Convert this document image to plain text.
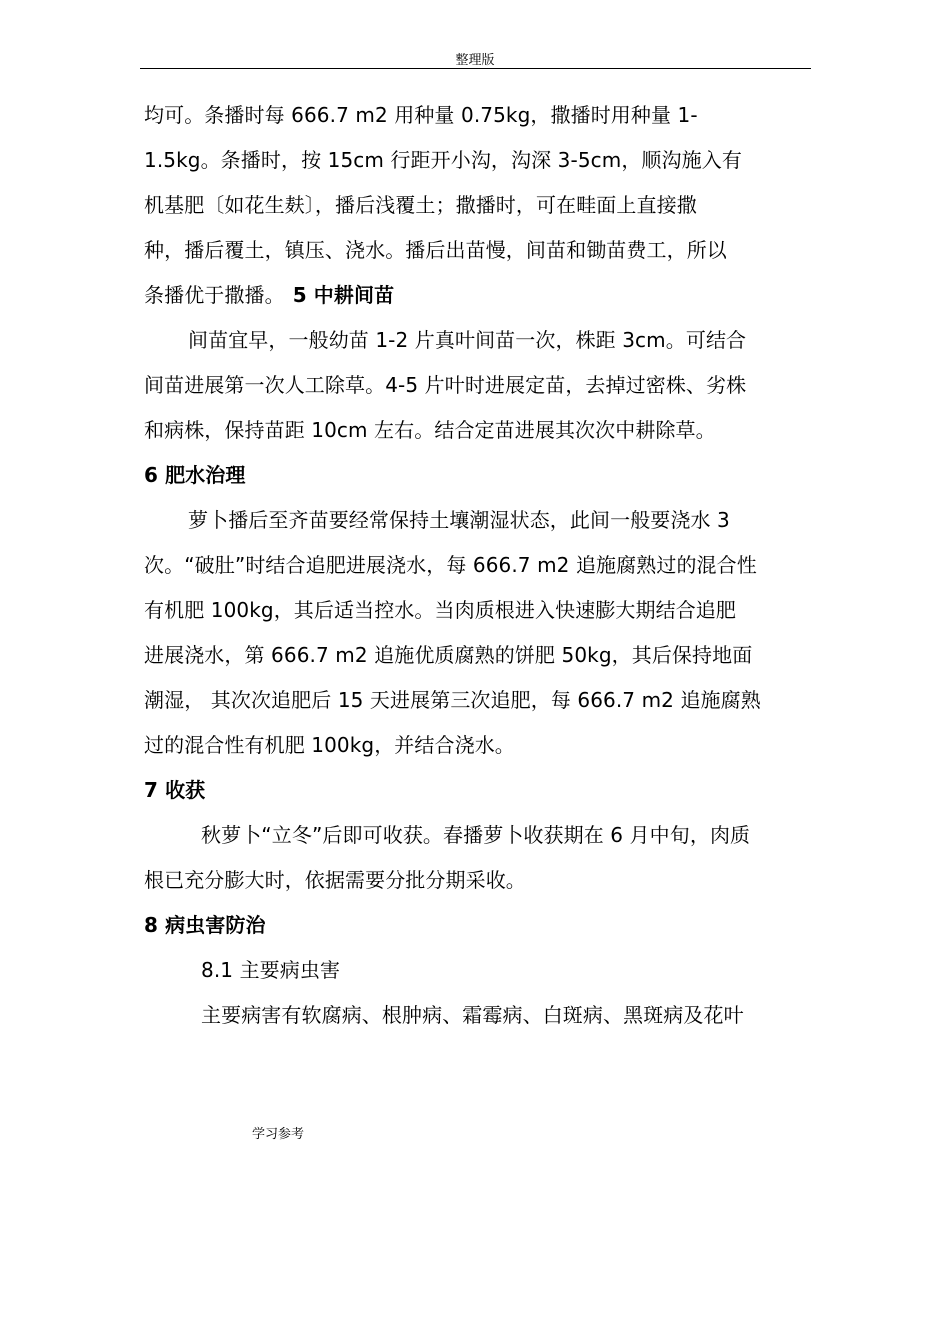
整理版
均可。条播时每 666.7 m2 用种量 0.75kg，撒播时用种量 1-
1.5kg。条播时，按 15cm 行距开小沟，沟深 3-5cm，顺沟施入有
机基肥〔如花生麸〕，播后浅覆土；撒播时，可在畦面上直接撒
种，播后覆土，镇压、浇水。播后出苗慢，间苗和锄苗费工，所以
条播优于撒播。 5 中耕间苗
间苗宜早，一般幼苗 1-2 片真叶间苗一次，株距 3cm。可结合
间苗进展第一次人工除草。4-5 片叶时进展定苗，去掉过密株、劣株
和病株，保持苗距 10cm 左右。结合定苗进展其次次中耕除草。
6 肥水治理
萝卜播后至齐苗要经常保持土壤潮湿状态，此间一般要浇水 3
次。“破肚”时结合追肥进展浇水，每 666.7 m2 追施腐熟过的混合性
有机肥 100kg，其后适当控水。当肉质根进入快速膨大期结合追肥
进展浇水，第 666.7 m2 追施优质腐熟的饼肥 50kg，其后保持地面
潮湿， 其次次追肥后 15 天进展第三次追肥，每 666.7 m2 追施腐熟
过的混合性有机肥 100kg，并结合浇水。
7 收获
秋萝卜“立冬”后即可收获。春播萝卜收获期在 6 月中旬，肉质
根已充分膨大时，依据需要分批分期采收。
8 病虫害防治
8.1 主要病虫害
主要病害有软腐病、根肿病、霜霉病、白斑病、黑斑病及花叶
学习参考
